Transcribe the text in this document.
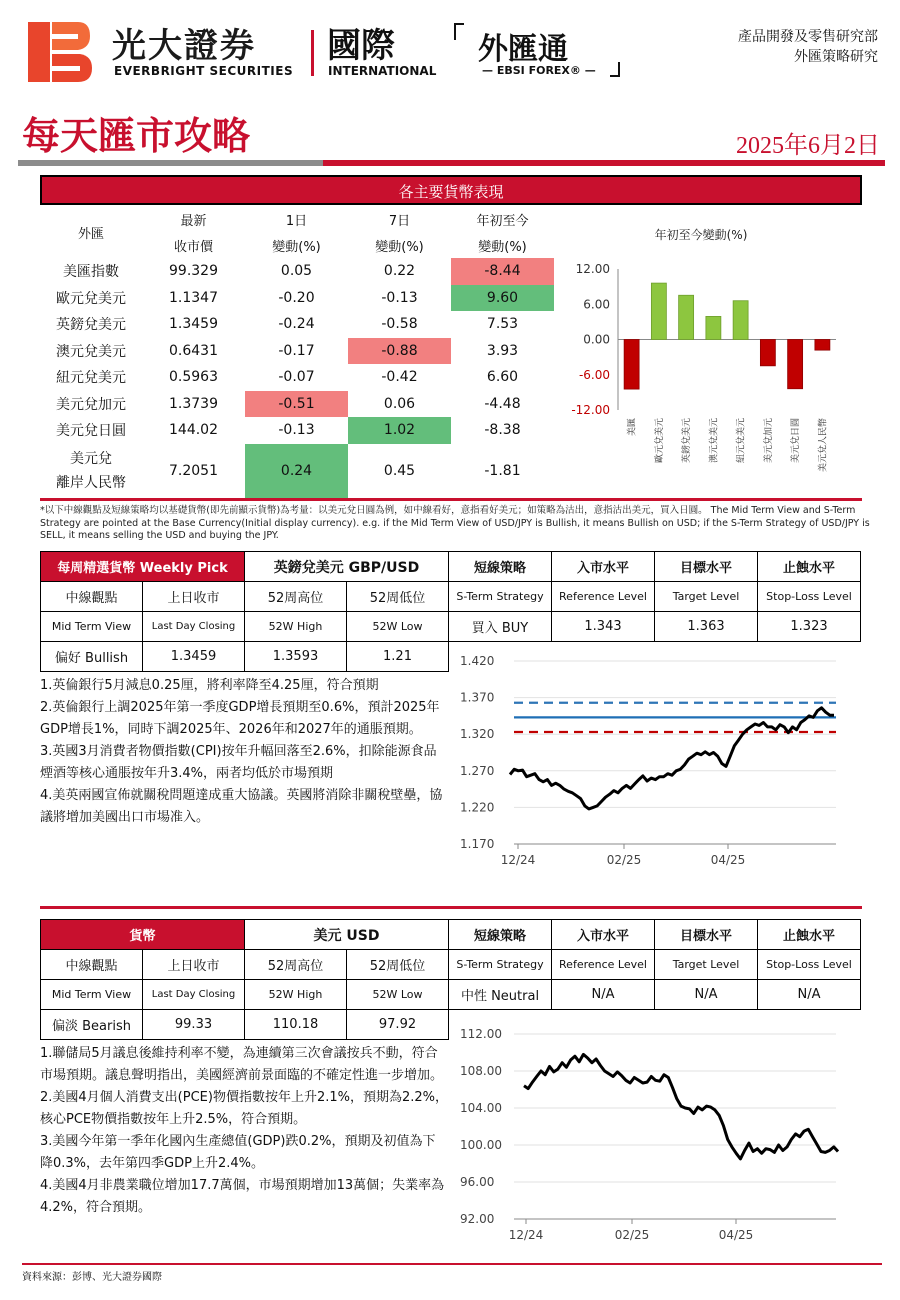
光大證券
EVERBRIGHT SECURITIES
國際
INTERNATIONAL
外匯通
— EBSI FOREX® —
產品開發及零售研究部
外匯策略研究
每天匯市攻略	2025年6月2日
各主要貨幣表現
外匯	最新	1日	7日	年初至今
	收市價	變動(%)	變動(%)	變動(%)
美匯指數	99.329	0.05	0.22	-8.44
歐元兌美元	1.1347	-0.20	-0.13	9.60
英鎊兌美元	1.3459	-0.24	-0.58	7.53
澳元兌美元	0.6431	-0.17	-0.88	3.93
紐元兌美元	0.5963	-0.07	-0.42	6.60
美元兌加元	1.3739	-0.51	0.06	-4.48
美元兌日圓	144.02	-0.13	1.02	-8.38

美元兌
離岸人民幣	7.2051	0.24	0.45	-1.81
年初至今變動(%)
12.00
6.00
0.00
-6.00
-12.00
美匯 歐元兌美元 英鎊兌美元 澳元兌美元 紐元兌美元 美元兌加元 美元兌日圓 美元兌人民幣
*以下中線觀點及短線策略均以基礎貨幣(即先前顯示貨幣)為考量：以美元兌日圓為例，如中線看好，意指看好美元；如策略為沽出，意指沽出美元，買入日圓。 The Mid Term View and S-Term Strategy are pointed at the Base Currency(Initial display currency). e.g. if the Mid Term View of USD/JPY is Bullish, it means Bullish on USD; if the S-Term Strategy of USD/JPY is SELL, it means selling the USD and buying the JPY.
每周精選貨幣 Weekly Pick		英鎊兌美元 GBP/USD		短線策略	入市水平	目標水平	止蝕水平
中線觀點	上日收市	52周高位	52周低位	S-Term Strategy	Reference Level	Target Level	Stop-Loss Level
Mid Term View	Last Day Closing	52W High	52W Low	買入 BUY	1.343	1.363	1.323
偏好 Bullish	1.3459	1.3593	1.21				
1.英倫銀行5月減息0.25厘，將利率降至4.25厘，符合預期
2.英倫銀行上調2025年第一季度GDP增長預期至0.6%，預計2025年GDP增長1%，同時下調2025年、2026年和2027年的通脹預期。
3.英國3月消費者物價指數(CPI)按年升幅回落至2.6%，扣除能源食品煙酒等核心通脹按年升3.4%，兩者均低於市場預期
4.美英兩國宣佈就關稅問題達成重大協議。英國將消除非關稅壁壘，協議將增加美國出口市場准入。
1.420
1.370
1.320
1.270
1.220
1.170
12/24	02/25	04/25
貨幣		美元 USD		短線策略	入市水平	目標水平	止蝕水平
中線觀點	上日收市	52周高位	52周低位	S-Term Strategy	Reference Level	Target Level	Stop-Loss Level
Mid Term View	Last Day Closing	52W High	52W Low	中性 Neutral	N/A	N/A	N/A
偏淡 Bearish	99.33	110.18	97.92				
1.聯儲局5月議息後維持利率不變，為連續第三次會議按兵不動，符合市場預期。議息聲明指出，美國經濟前景面臨的不確定性進一步增加。
2.美國4月個人消費支出(PCE)物價指數按年上升2.1%，預期為2.2%，核心PCE物價指數按年上升2.5%，符合預期。
3.美國今年第一季年化國內生產總值(GDP)跌0.2%，預期及初值為下降0.3%，去年第四季GDP上升2.4%。
4.美國4月非農業職位增加17.7萬個，市場預期增加13萬個；失業率為4.2%，符合預期。
112.00
108.00
104.00
100.00
96.00
92.00
12/24	02/25	04/25
資料來源：彭博、光大證券國際
